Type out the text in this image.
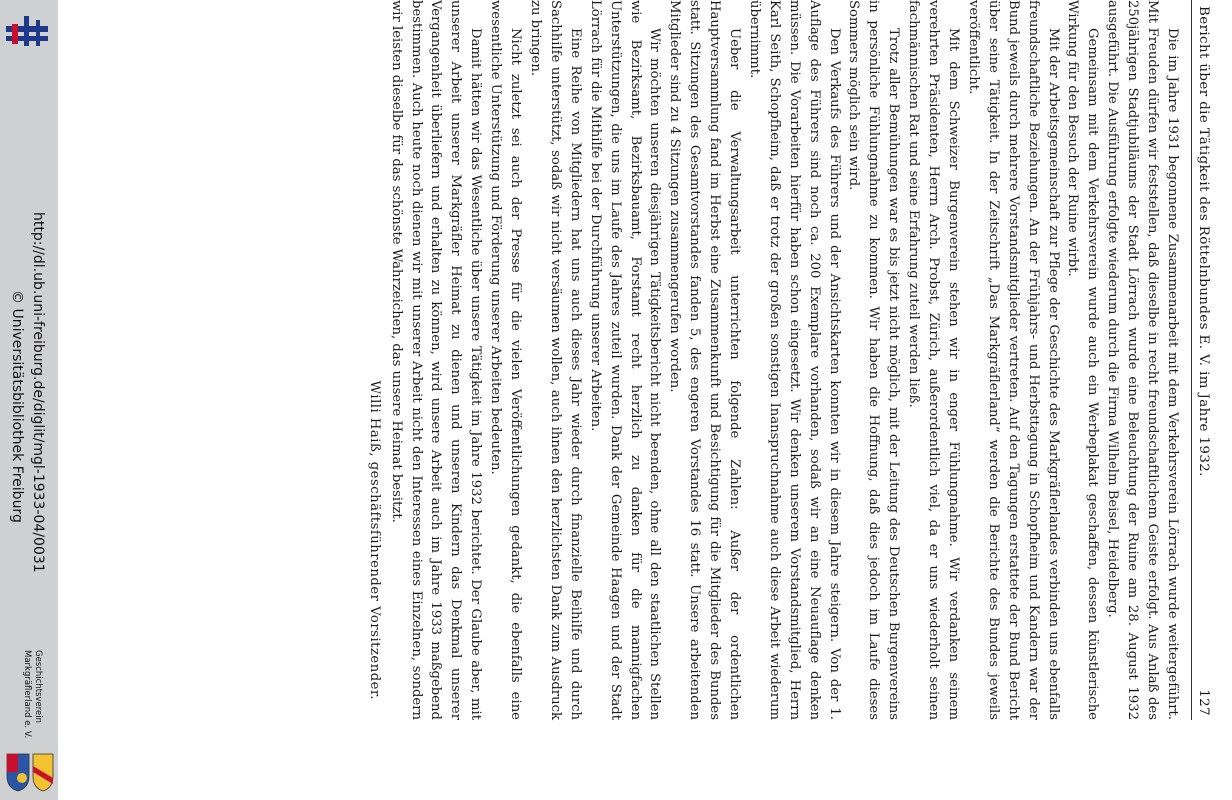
http://dl.ub.uni-freiburg.de/diglit/mgl-1933-04/0031
© Universitätsbibliothek Freiburg
Geschichtsverein
Markgräflerland e. V.
Bericht über die Tätigkeit des Röttelnbundes E. V. im Jahre 1932.
127

Die im Jahre 1931 begonnene Zusammenarbeit mit dem Verkehrsverein Lörrach wurde weitergeführt. Mit Freuden dürfen wir feststellen, daß dieselbe in recht freundschaftlichem Geiste erfolgt. Aus Anlaß des 250jährigen Stadtjubiläums der Stadt Lörrach wurde eine Beleuchtung der Ruine am 28. August 1932 ausgeführt. Die Ausführung erfolgte wiederum durch die Firma Wilhelm Beisel, Heidelberg.

Gemeinsam mit dem Verkehrsverein wurde auch ein Werbeplakat geschaffen, dessen künstlerische Wirkung für den Besuch der Ruine wirbt.

Mit der Arbeitsgemeinschaft zur Pflege der Geschichte des Markgräflerlandes verbinden uns ebenfalls freundschaftliche Beziehungen. An der Frühjahrs- und Herbsttagung in Schopfheim und Kandern war der Bund jeweils durch mehrere Vorstandsmitglieder vertreten. Auf den Tagungen erstattete der Bund Bericht über seine Tätigkeit. In der Zeitschrift „Das Markgräflerland“ werden die Berichte des Bundes jeweils veröffentlicht.

Mit dem Schweizer Burgenverein stehen wir in enger Fühlungnahme. Wir verdanken seinem verehrten Präsidenten, Herrn Arch. Probst, Zürich, außerordentlich viel, da er uns wiederholt seinen fachmännischen Rat und seine Erfahrung zuteil werden ließ.

Trotz aller Bemühungen war es bis jetzt nicht möglich, mit der Leitung des Deutschen Burgenvereins in persönliche Fühlungnahme zu kommen. Wir haben die Hoffnung, daß dies jedoch im Laufe dieses Sommers möglich sein wird.

Den Verkaufs des Führers und der Ansichtskarten konnten wir in diesem Jahre steigern. Von der 1. Auflage des Führers sind noch ca. 200 Exemplare vorhanden, sodaß wir an eine Neuauflage denken müssen. Die Vorarbeiten hierfür haben schon eingesetzt. Wir denken unserem Vorstandsmitglied, Herrn Karl Seith, Schopfheim, daß er trotz der großen sonstigen Inanspruchnahme auch diese Arbeit wiederum übernimmt.

Ueber die Verwaltungsarbeit unterrichten folgende Zahlen: Außer der ordentlichen Hauptversammlung fand im Herbst eine Zusammenkunft und Besichtigung für die Mitglieder des Bundes statt. Sitzungen des Gesamtvorstandes fanden 5, des engeren Vorstandes 16 statt. Unsere arbeitenden Mitglieder sind zu 4 Sitzungen zusammengerufen worden.

Wir möchten unseren diesjährigen Tätigkeitsbericht nicht beenden, ohne all den staatlichen Stellen wie Bezirksamt, Bezirksbauamt, Forstamt recht herzlich zu danken für die mannigfachen Unterstützungen, die uns im Laufe des Jahres zuteil wurden. Dank der Gemeinde Haagen und der Stadt Lörrach für die Mithilfe bei der Durchführung unserer Arbeiten.

Eine Reihe von Mitgliedern hat uns auch dieses Jahr wieder durch finanzielle Beihilfe und durch Sachhilfe unterstützt, sodaß wir nicht versäumen wollen, auch ihnen den herzlichsten Dank zum Ausdruck zu bringen.

Nicht zuletzt sei auch der Presse für die vielen Veröffentlichungen gedankt, die ebenfalls eine wesentliche Unterstützung und Förderung unserer Arbeiten bedeuten.

Damit hätten wir das Wesentliche über unsere Tätigkeit im Jahre 1932 berichtet. Der Glaube aber, mit unserer Arbeit unserer Markgräfler Heimat zu dienen und unseren Kindern das Denkmal unserer Vergangenheit überliefern und erhalten zu können, wird unsere Arbeit auch im Jahre 1933 maßgebend bestimmen. Auch heute noch dienen wir mit unserer Arbeit nicht den Interessen eines Einzelnen, sondern wir leisten dieselbe für das schönste Wahrzeichen, das unsere Heimat besitzt.

Willi Haiß, geschäftsführender Vorsitzender.
